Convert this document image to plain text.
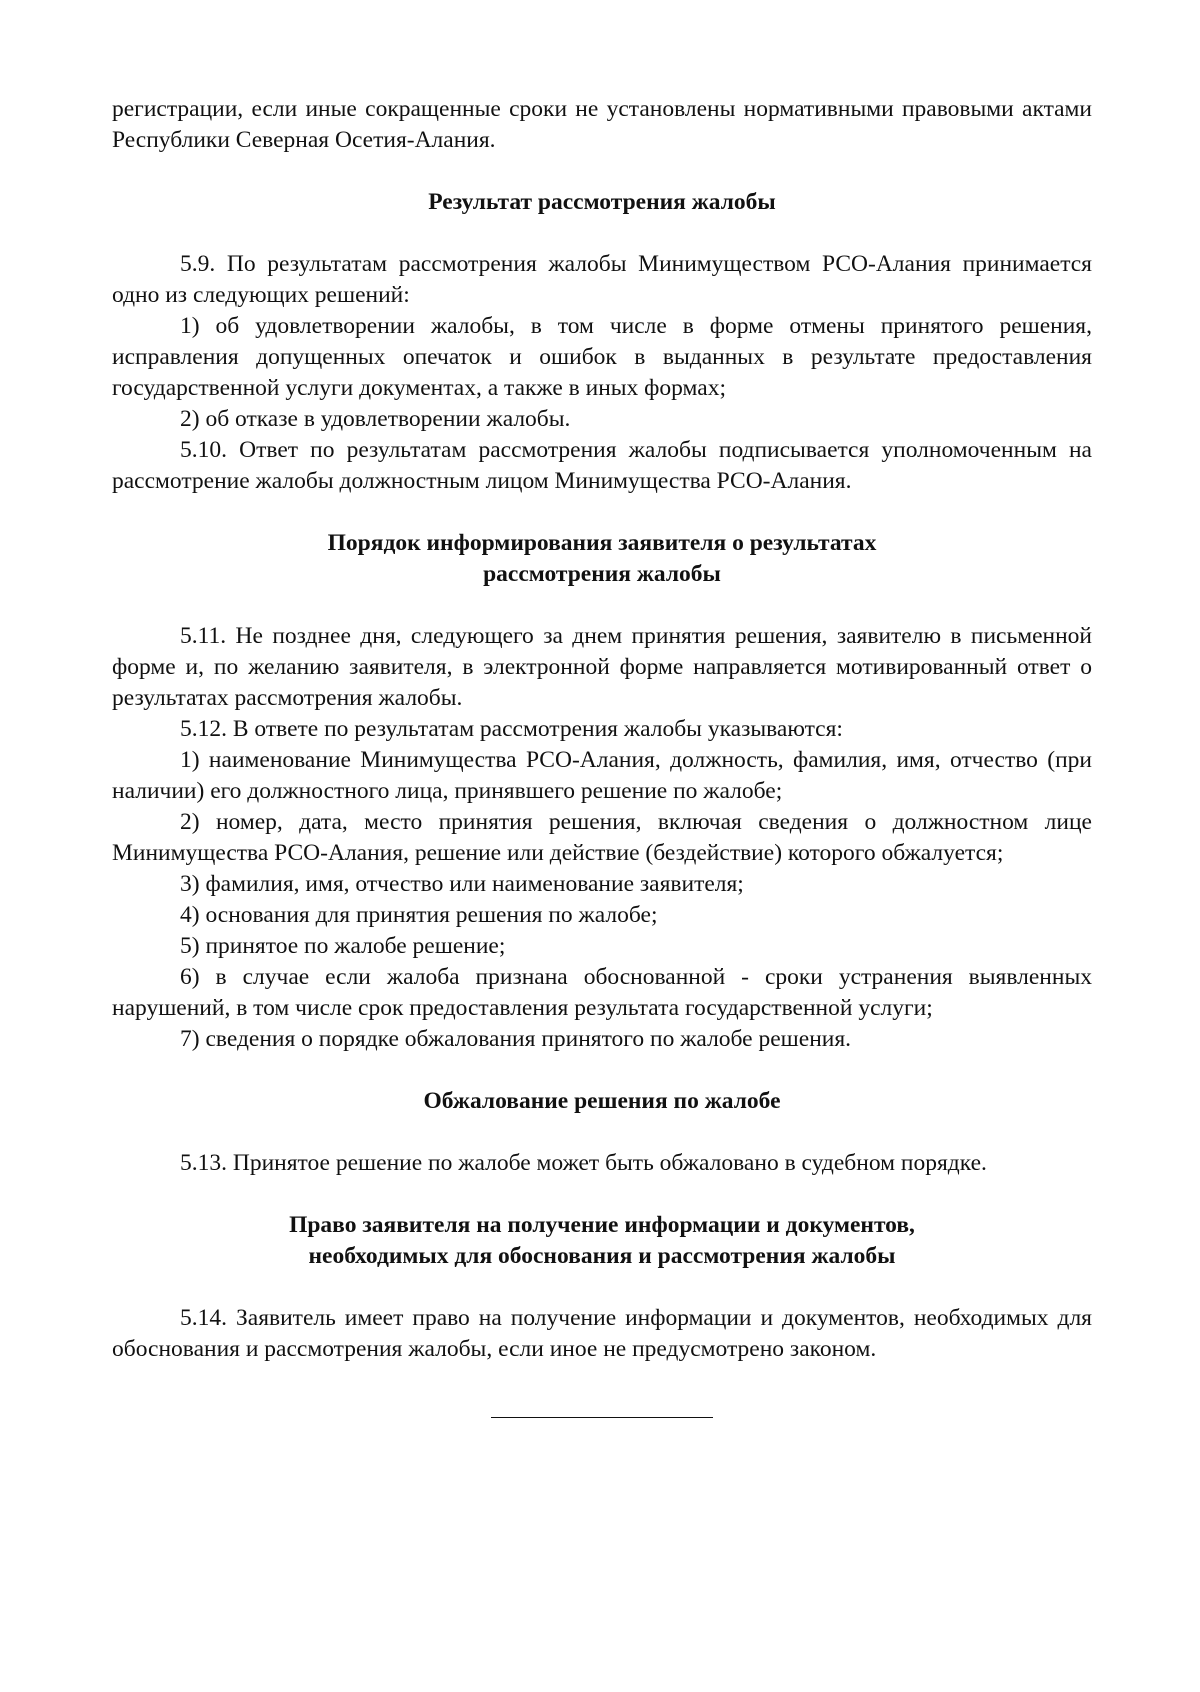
регистрации, если иные сокращенные сроки не установлены нормативными правовыми актами Республики Северная Осетия-Алания.

Результат рассмотрения жалобы

5.9. По результатам рассмотрения жалобы Минимуществом РСО-Алания принимается одно из следующих решений:

1) об удовлетворении жалобы, в том числе в форме отмены принятого решения, исправления допущенных опечаток и ошибок в выданных в результате предоставления государственной услуги документах, а также в иных формах;

2) об отказе в удовлетворении жалобы.

5.10. Ответ по результатам рассмотрения жалобы подписывается уполномоченным на рассмотрение жалобы должностным лицом Минимущества РСО-Алания.

Порядок информирования заявителя о результатах
рассмотрения жалобы

5.11. Не позднее дня, следующего за днем принятия решения, заявителю в письменной форме и, по желанию заявителя, в электронной форме направляется мотивированный ответ о результатах рассмотрения жалобы.

5.12. В ответе по результатам рассмотрения жалобы указываются:

1) наименование Минимущества РСО-Алания, должность, фамилия, имя, отчество (при наличии) его должностного лица, принявшего решение по жалобе;

2) номер, дата, место принятия решения, включая сведения о должностном лице Минимущества РСО-Алания, решение или действие (бездействие) которого обжалуется;

3) фамилия, имя, отчество или наименование заявителя;

4) основания для принятия решения по жалобе;

5) принятое по жалобе решение;

6) в случае если жалоба признана обоснованной - сроки устранения выявленных нарушений, в том числе срок предоставления результата государственной услуги;

7) сведения о порядке обжалования принятого по жалобе решения.

Обжалование решения по жалобе

5.13. Принятое решение по жалобе может быть обжаловано в судебном порядке.

Право заявителя на получение информации и документов,
необходимых для обоснования и рассмотрения жалобы

5.14. Заявитель имеет право на получение информации и документов, необходимых для обоснования и рассмотрения жалобы, если иное не предусмотрено законом.
